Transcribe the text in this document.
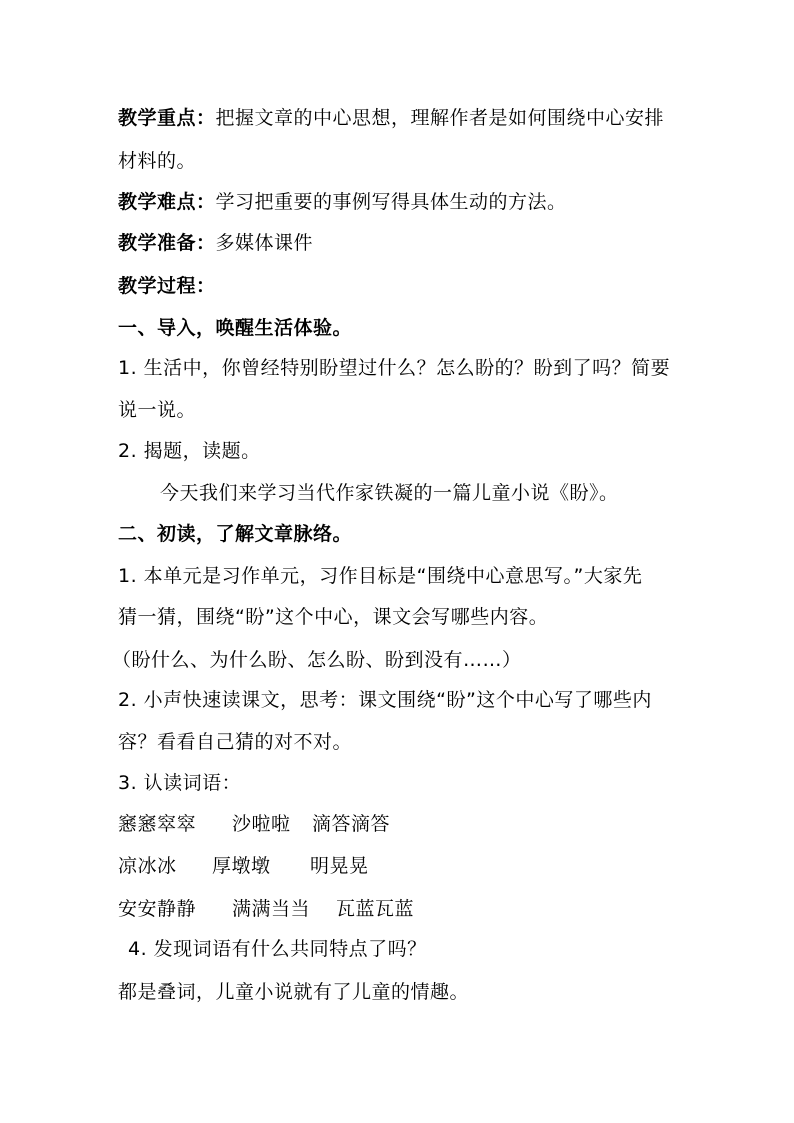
教学重点：把握文章的中心思想，理解作者是如何围绕中心安排
材料的。
教学难点：学习把重要的事例写得具体生动的方法。
教学准备：多媒体课件
教学过程：
一、导入，唤醒生活体验。
1. 生活中，你曾经特别盼望过什么？怎么盼的？盼到了吗？简要
说一说。
2. 揭题，读题。
今天我们来学习当代作家铁凝的一篇儿童小说《盼》。
二、初读，了解文章脉络。
1. 本单元是习作单元，习作目标是“围绕中心意思写。”大家先
猜一猜，围绕“盼”这个中心，课文会写哪些内容。
（盼什么、为什么盼、怎么盼、盼到没有……）
2. 小声快速读课文，思考：课文围绕“盼”这个中心写了哪些内
容？看看自己猜的对不对。
3. 认读词语：
窸窸窣窣 沙啦啦 滴答滴答
凉冰冰 厚墩墩 明晃晃
安安静静 满满当当 瓦蓝瓦蓝
4. 发现词语有什么共同特点了吗？
都是叠词，儿童小说就有了儿童的情趣。
